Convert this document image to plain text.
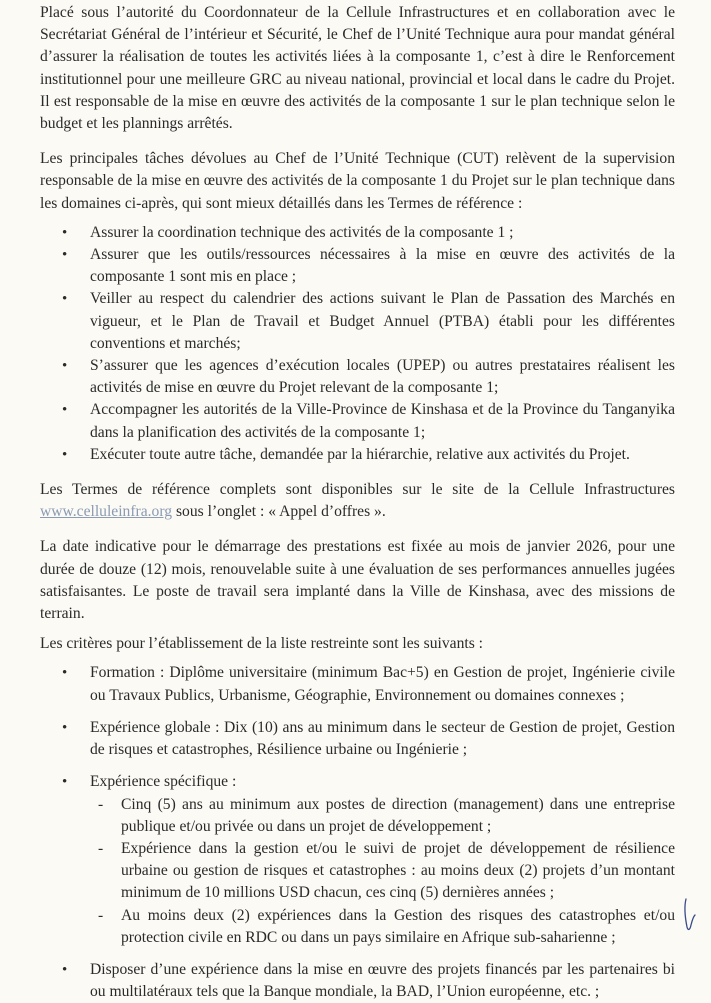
Placé sous l’autorité du Coordonnateur de la Cellule Infrastructures et en collaboration avec le Secrétariat Général de l’intérieur et Sécurité, le Chef de l’Unité Technique aura pour mandat général d’assurer la réalisation de toutes les activités liées à la composante 1, c’est à dire le Renforcement institutionnel pour une meilleure GRC au niveau national, provincial et local dans le cadre du Projet. Il est responsable de la mise en œuvre des activités de la composante 1 sur le plan technique selon le budget et les plannings arrêtés.

Les principales tâches dévolues au Chef de l’Unité Technique (CUT) relèvent de la supervision responsable de la mise en œuvre des activités de la composante 1 du Projet sur le plan technique dans les domaines ci-après, qui sont mieux détaillés dans les Termes de référence :

• Assurer la coordination technique des activités de la composante 1 ;
• Assurer que les outils/ressources nécessaires à la mise en œuvre des activités de la composante 1 sont mis en place ;
• Veiller au respect du calendrier des actions suivant le Plan de Passation des Marchés en vigueur, et le Plan de Travail et Budget Annuel (PTBA) établi pour les différentes conventions et marchés;
• S’assurer que les agences d’exécution locales (UPEP) ou autres prestataires réalisent les activités de mise en œuvre du Projet relevant de la composante 1;
• Accompagner les autorités de la Ville-Province de Kinshasa et de la Province du Tanganyika dans la planification des activités de la composante 1;
• Exécuter toute autre tâche, demandée par la hiérarchie, relative aux activités du Projet.

Les Termes de référence complets sont disponibles sur le site de la Cellule Infrastructures www.celluleinfra.org sous l’onglet : « Appel d’offres ».

La date indicative pour le démarrage des prestations est fixée au mois de janvier 2026, pour une durée de douze (12) mois, renouvelable suite à une évaluation de ses performances annuelles jugées satisfaisantes. Le poste de travail sera implanté dans la Ville de Kinshasa, avec des missions de terrain.

Les critères pour l’établissement de la liste restreinte sont les suivants :

• Formation : Diplôme universitaire (minimum Bac+5) en Gestion de projet, Ingénierie civile ou Travaux Publics, Urbanisme, Géographie, Environnement ou domaines connexes ;
• Expérience globale : Dix (10) ans au minimum dans le secteur de Gestion de projet, Gestion de risques et catastrophes, Résilience urbaine ou Ingénierie ;
• Expérience spécifique :
- Cinq (5) ans au minimum aux postes de direction (management) dans une entreprise publique et/ou privée ou dans un projet de développement ;
- Expérience dans la gestion et/ou le suivi de projet de développement de résilience urbaine ou gestion de risques et catastrophes : au moins deux (2) projets d’un montant minimum de 10 millions USD chacun, ces cinq (5) dernières années ;
- Au moins deux (2) expériences dans la Gestion des risques des catastrophes et/ou protection civile en RDC ou dans un pays similaire en Afrique sub-saharienne ;
• Disposer d’une expérience dans la mise en œuvre des projets financés par les partenaires bi ou multilatéraux tels que la Banque mondiale, la BAD, l’Union européenne, etc. ;
